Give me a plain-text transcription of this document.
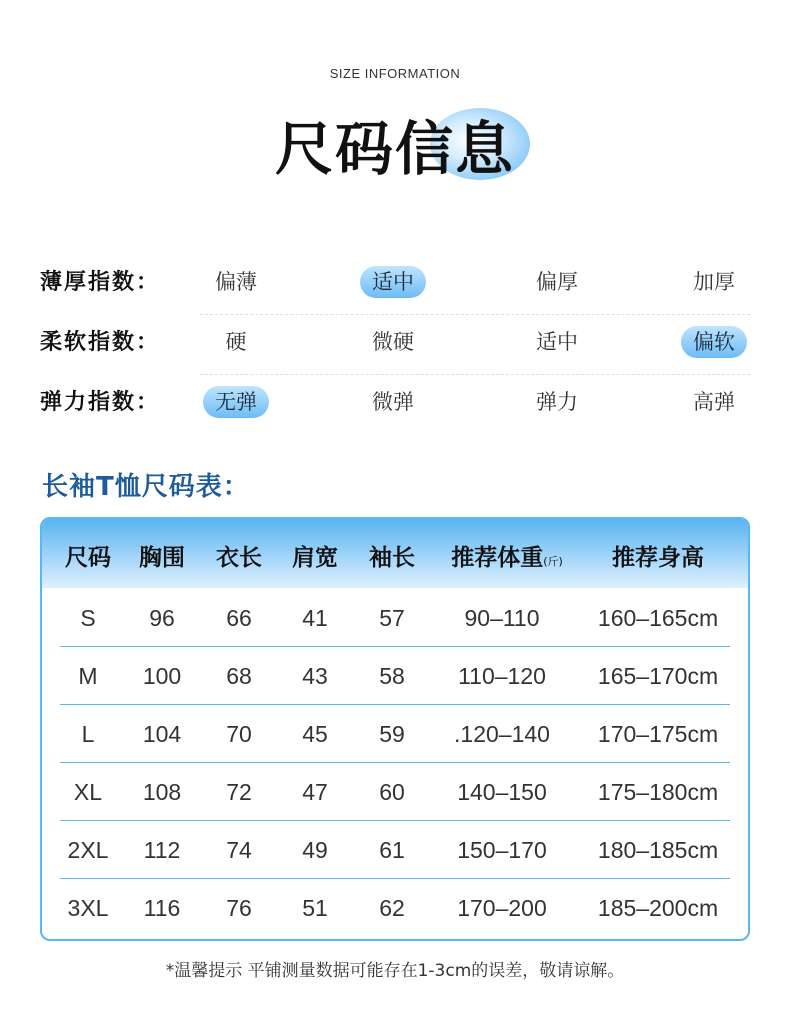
SIZE INFORMATION
尺码信息
薄厚指数：	偏薄	适中	偏厚	加厚
柔软指数：	硬	微硬	适中	偏软
弹力指数：	无弹	微弹	弹力	高弹
长袖T恤尺码表：
尺码 胸围 衣长 肩宽 袖长 推荐体重(斤) 推荐身高
S 96 66 41 57	90–110	160–165cm
M 100 68 43 58 110–120 165–170cm
L 104 70 45 59 .120–140 170–175cm
XL 108 72 47 60 140–150 175–180cm
2XL 112 74 49 61 150–170 180–185cm
3XL 116 76 51 62 170–200 185–200cm
*温馨提示 平铺测量数据可能存在1-3cm的误差，敬请谅解。
